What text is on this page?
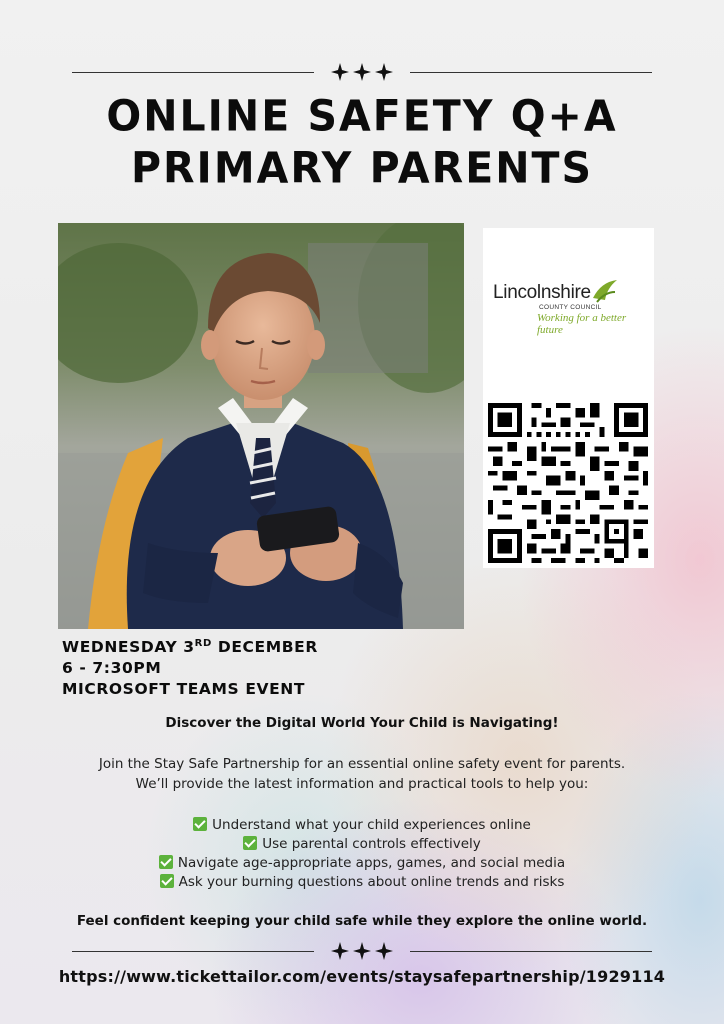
ONLINE SAFETY Q+A
PRIMARY PARENTS
Lincolnshire
COUNTY COUNCIL
Working for a better future
WEDNESDAY 3RD DECEMBER
6 - 7:30PM
MICROSOFT TEAMS EVENT
Discover the Digital World Your Child is Navigating!
Join the Stay Safe Partnership for an essential online safety event for parents.
We’ll provide the latest information and practical tools to help you:
Understand what your child experiences online
Use parental controls effectively
Navigate age-appropriate apps, games, and social media
Ask your burning questions about online trends and risks
Feel confident keeping your child safe while they explore the online world.
https://www.tickettailor.com/events/staysafepartnership/1929114
